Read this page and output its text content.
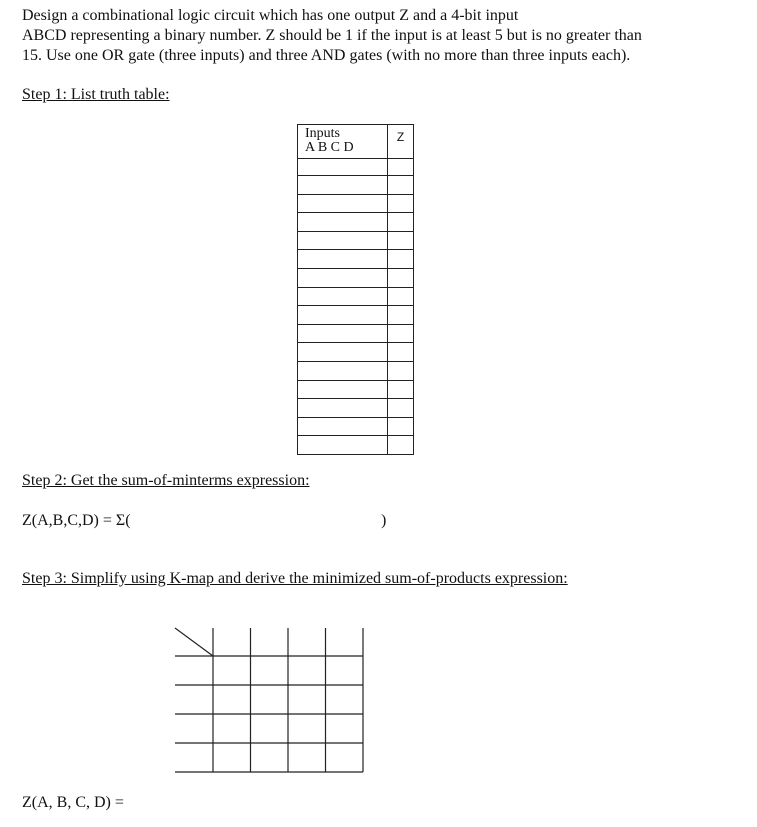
Design a combinational logic circuit which has one output Z and a 4-bit input
ABCD representing a binary number. Z should be 1 if the input is at least 5 but is no greater than
15. Use one OR gate (three inputs) and three AND gates (with no more than three inputs each).
Step 1: List truth table:
Inputs
A B C D	Z

Step 2: Get the sum-of-minterms expression:
Z(A,B,C,D) = Σ(	)
Step 3: Simplify using K-map and derive the minimized sum-of-products expression:
Z(A, B, C, D) =
